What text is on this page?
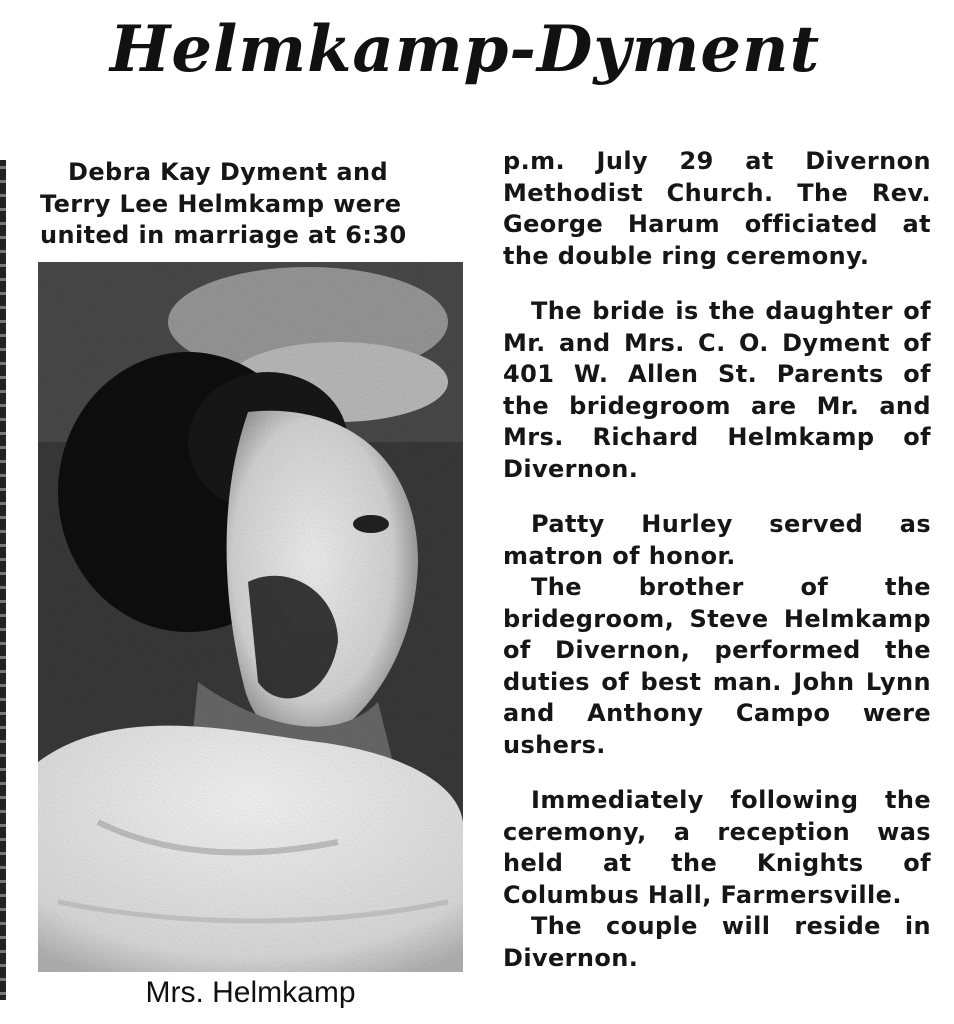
Helmkamp-Dyment

Debra Kay Dyment and

Terry Lee Helmkamp were

united in marriage at 6:30

Mrs. Helmkamp

p.m. July 29 at Divernon Methodist Church. The Rev. George Harum officiated at the double ring ceremony.

The bride is the daughter of Mr. and Mrs. C. O. Dyment of 401 W. Allen St. Parents of the bridegroom are Mr. and Mrs. Richard Helmkamp of Divernon.

Patty Hurley served as matron of honor.

The brother of the bridegroom, Steve Helmkamp of Divernon, performed the duties of best man. John Lynn and Anthony Campo were ushers.

Immediately following the ceremony, a reception was held at the Knights of Columbus Hall, Farmersville.

The couple will reside in Divernon.
